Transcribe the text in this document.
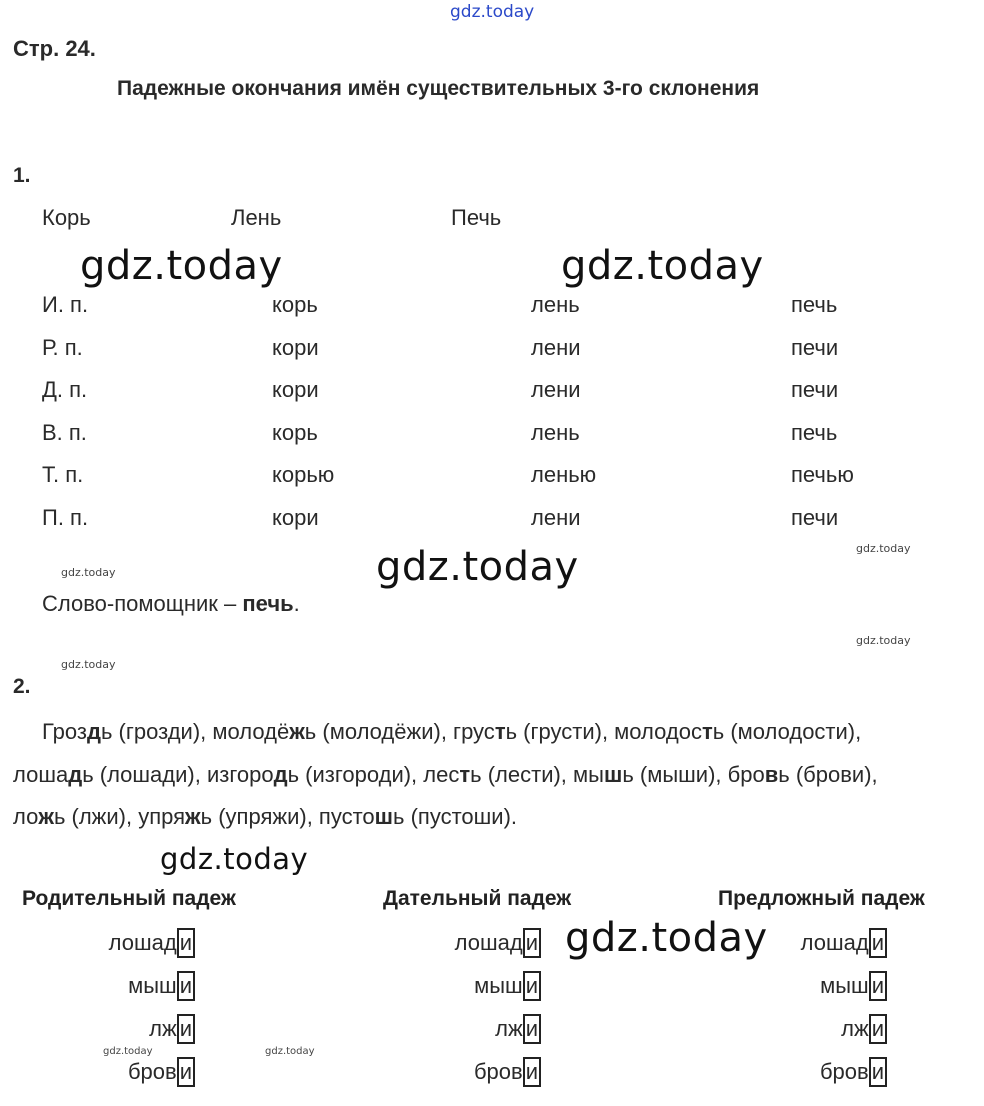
gdz.today
gdz.today	gdz.today
gdz.today
gdz.today
gdz.today
gdz.today
gdz.today
gdz.today
gdz.today
gdz.today	gdz.today
Стр. 24.
Падежные окончания имён существительных 3-го склонения
1.
Корь	Лень	Печь
И. п.	корь	лень	печь
Р. п.	кори	лени	печи
Д. п.	кори	лени	печи
В. п.	корь	лень	печь
Т. п.	корью	ленью	печью
П. п.	кори	лени	печи
Слово-помощник – печь.
2.
Гроздь (грозди), молодёжь (молодёжи), грусть (грусти), молодость (молодости),
лошадь (лошади), изгородь (изгороди), лесть (лести), мышь (мыши), бровь (брови),
ложь (лжи), упряжь (упряжи), пустошь (пустоши).
Родительный падеж	Дательный падеж	Предложный падеж
лошад и	лошад и	лошад и
мыш и	мыш и	мыш и
лж и	лж и	лж и
бров и	бров и	бров и
